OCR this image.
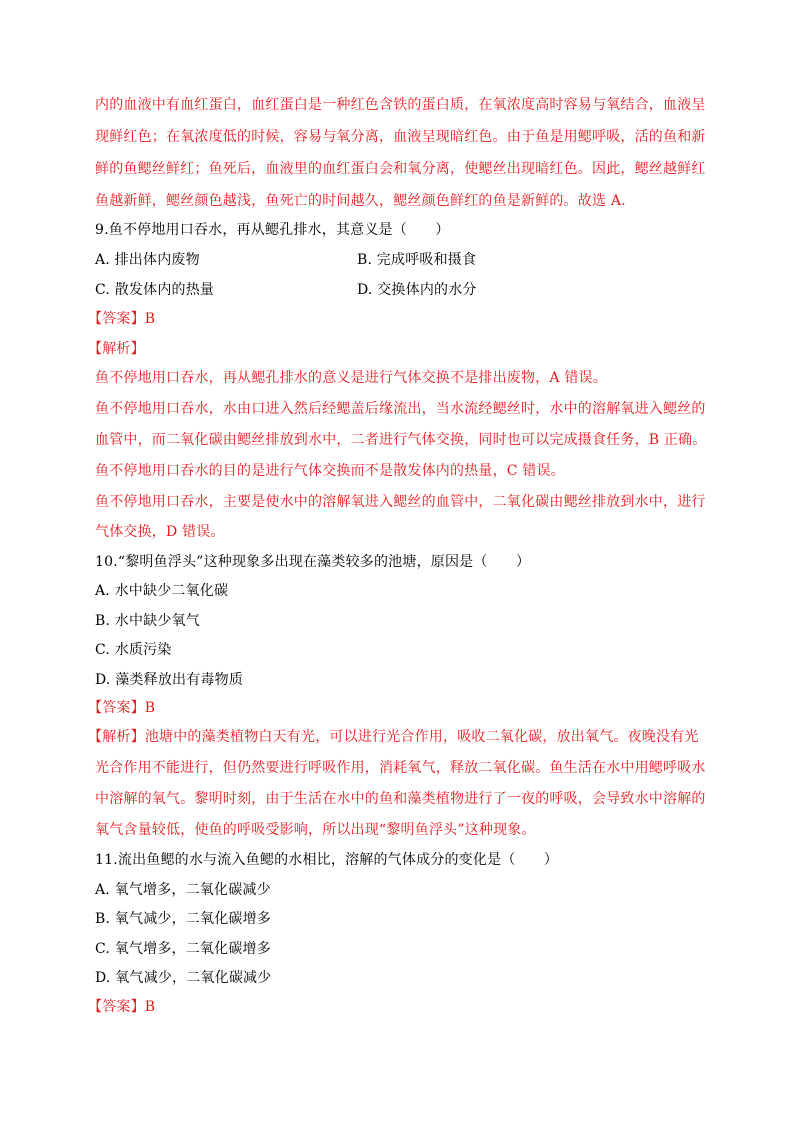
内的血液中有血红蛋白，血红蛋白是一种红色含铁的蛋白质，在氧浓度高时容易与氧结合，血液呈
现鲜红色；在氧浓度低的时候，容易与氧分离，血液呈现暗红色。由于鱼是用鳃呼吸，活的鱼和新
鲜的鱼鳃丝鲜红；鱼死后，血液里的血红蛋白会和氧分离，使鳃丝出现暗红色。因此，鳃丝越鲜红
鱼越新鲜，鳃丝颜色越浅，鱼死亡的时间越久，鳃丝颜色鲜红的鱼是新鲜的。故选 A.
9.鱼不停地用口吞水，再从鳃孔排水，其意义是（　　）
A. 排出体内废物	B. 完成呼吸和摄食
C. 散发体内的热量	D. 交换体内的水分
【答案】B
【解析】
鱼不停地用口吞水，再从鳃孔排水的意义是进行气体交换不是排出废物，A 错误。
鱼不停地用口吞水，水由口进入然后经鳃盖后缘流出，当水流经鳃丝时，水中的溶解氧进入鳃丝的
血管中，而二氧化碳由鳃丝排放到水中，二者进行气体交换，同时也可以完成摄食任务，B 正确。
鱼不停地用口吞水的目的是进行气体交换而不是散发体内的热量，C 错误。
鱼不停地用口吞水，主要是使水中的溶解氧进入鳃丝的血管中，二氧化碳由鳃丝排放到水中，进行
气体交换，D 错误。
10.“黎明鱼浮头”这种现象多出现在藻类较多的池塘，原因是（　　）
A. 水中缺少二氧化碳
B. 水中缺少氧气
C. 水质污染
D. 藻类释放出有毒物质
【答案】B
【解析】池塘中的藻类植物白天有光，可以进行光合作用，吸收二氧化碳，放出氧气。夜晚没有光
光合作用不能进行，但仍然要进行呼吸作用，消耗氧气，释放二氧化碳。鱼生活在水中用鳃呼吸水
中溶解的氧气。黎明时刻，由于生活在水中的鱼和藻类植物进行了一夜的呼吸，会导致水中溶解的
氧气含量较低，使鱼的呼吸受影响，所以出现“黎明鱼浮头”这种现象。
11.流出鱼鳃的水与流入鱼鳃的水相比，溶解的气体成分的变化是（　　）
A. 氧气增多，二氧化碳减少
B. 氧气减少，二氧化碳增多
C. 氧气增多，二氧化碳增多
D. 氧气减少，二氧化碳减少
【答案】B
